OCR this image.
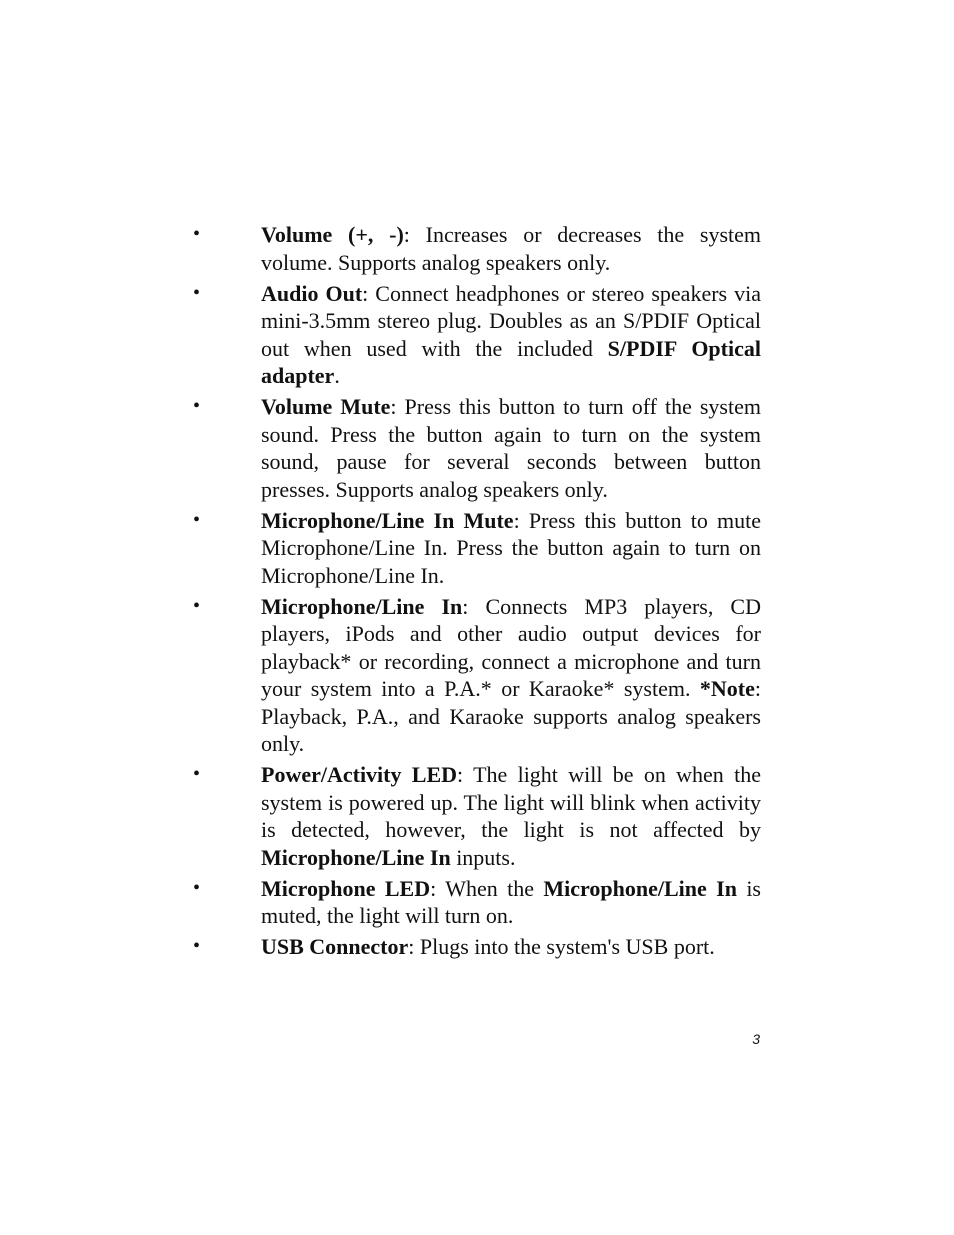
•	Volume (+, -): Increases or decreases the system volume. Supports analog speakers only.
•	Audio Out: Connect headphones or stereo speakers via mini-3.5mm stereo plug. Doubles as an S/PDIF Optical out when used with the included S/PDIF Optical adapter.
•	Volume Mute: Press this button to turn off the system sound. Press the button again to turn on the system sound, pause for several seconds between button presses. Supports analog speakers only.
•	Microphone/Line In Mute: Press this button to mute Microphone/Line In. Press the button again to turn on Microphone/Line In.
•	Microphone/Line In: Connects MP3 players, CD players, iPods and other audio output devices for playback* or recording, connect a microphone and turn your system into a P.A.* or Karaoke* system. *Note: Playback, P.A., and Karaoke supports analog speakers only.
•	Power/Activity LED: The light will be on when the system is powered up. The light will blink when activity is detected, however, the light is not affected by Microphone/Line In inputs.
•	Microphone LED: When the Microphone/Line In is muted, the light will turn on.
•	USB Connector: Plugs into the system's USB port.
3
